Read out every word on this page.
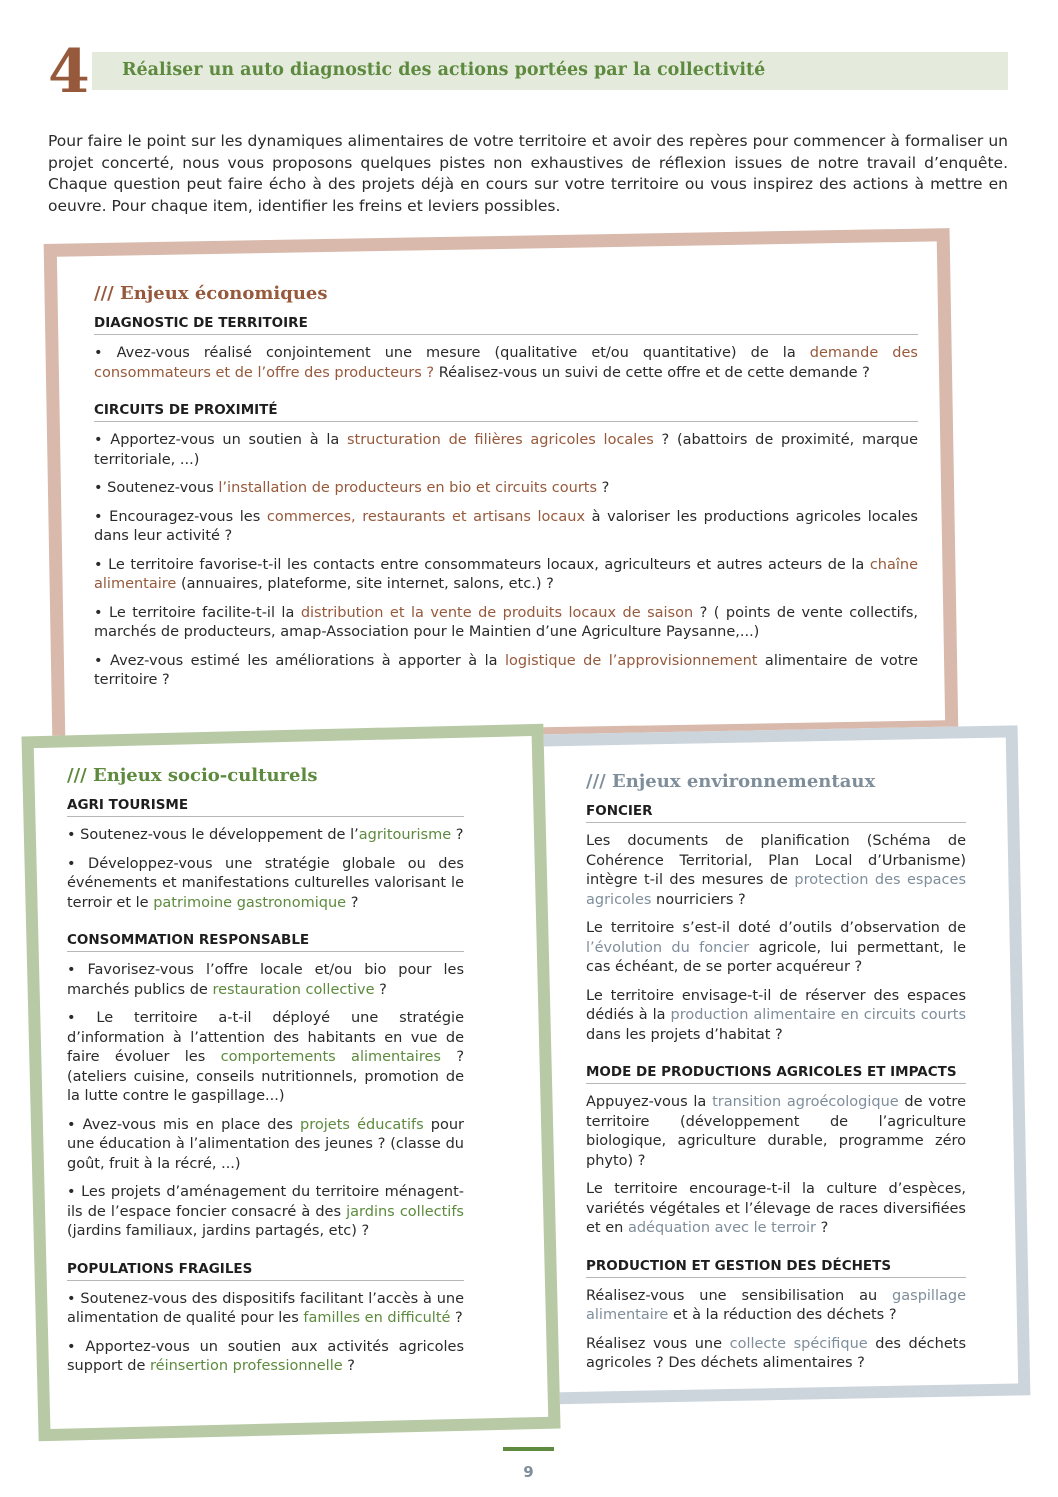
4 Réaliser un auto diagnostic des actions portées par la collectivité

Pour faire le point sur les dynamiques alimentaires de votre territoire et avoir des repères pour commencer à formaliser un projet concerté, nous vous proposons quelques pistes non exhaustives de réflexion issues de notre travail d’enquête. Chaque question peut faire écho à des projets déjà en cours sur votre territoire ou vous inspirez des actions à mettre en oeuvre. Pour chaque item, identifier les freins et leviers possibles.

/// Enjeux économiques
DIAGNOSTIC DE TERRITOIRE

• Avez-vous réalisé conjointement une mesure (qualitative et/ou quantitative) de la demande des consommateurs et de l’offre des producteurs ? Réalisez-vous un suivi de cette offre et de cette demande ?

CIRCUITS DE PROXIMITÉ

• Apportez-vous un soutien à la structuration de filières agricoles locales ? (abattoirs de proximité, marque territoriale, ...)

• Soutenez-vous l’installation de producteurs en bio et circuits courts ?

• Encouragez-vous les commerces, restaurants et artisans locaux à valoriser les productions agricoles locales dans leur activité ?

• Le territoire favorise-t-il les contacts entre consommateurs locaux, agriculteurs et autres acteurs de la chaîne alimentaire (annuaires, plateforme, site internet, salons, etc.) ?

• Le territoire facilite-t-il la distribution et la vente de produits locaux de saison ? ( points de vente collectifs, marchés de producteurs, amap-Association pour le Maintien d’une Agriculture Paysanne,...)

• Avez-vous estimé les améliorations à apporter à la logistique de l’approvisionnement alimentaire de votre territoire ?

/// Enjeux environnementaux
FONCIER

Les documents de planification (Schéma de Cohérence Territorial, Plan Local d’Urbanisme) intègre t-il des mesures de protection des espaces agricoles nourriciers ?

Le territoire s’est-il doté d’outils d’observation de l’évolution du foncier agricole, lui permettant, le cas échéant, de se porter acquéreur ?

Le territoire envisage-t-il de réserver des espaces dédiés à la production alimentaire en circuits courts dans les projets d’habitat ?

MODE DE PRODUCTIONS AGRICOLES ET IMPACTS

Appuyez-vous la transition agroécologique de votre territoire (développement de l’agriculture biologique, agriculture durable, programme zéro phyto) ?

Le territoire encourage-t-il la culture d’espèces, variétés végétales et l’élevage de races diversifiées et en adéquation avec le terroir ?

PRODUCTION ET GESTION DES DÉCHETS

Réalisez-vous une sensibilisation au gaspillage alimentaire et à la réduction des déchets ?

Réalisez vous une collecte spécifique des déchets agricoles ? Des déchets alimentaires ?

/// Enjeux socio-culturels
AGRI TOURISME

• Soutenez-vous le développement de l’agritourisme ?

• Développez-vous une stratégie globale ou des événements et manifestations culturelles valorisant le terroir et le patrimoine gastronomique ?

CONSOMMATION RESPONSABLE

• Favorisez-vous l’offre locale et/ou bio pour les marchés publics de restauration collective ?

• Le territoire a-t-il déployé une stratégie d’information à l’attention des habitants en vue de faire évoluer les comportements alimentaires ? (ateliers cuisine, conseils nutritionnels, promotion de la lutte contre le gaspillage...)

• Avez-vous mis en place des projets éducatifs pour une éducation à l’alimentation des jeunes ? (classe du goût, fruit à la récré, ...)

• Les projets d’aménagement du territoire ménagent-ils de l’espace foncier consacré à des jardins collectifs (jardins familiaux, jardins partagés, etc) ?

POPULATIONS FRAGILES

• Soutenez-vous des dispositifs facilitant l’accès à une alimentation de qualité pour les familles en difficulté ?

• Apportez-vous un soutien aux activités agricoles support de réinsertion professionnelle ?

9
